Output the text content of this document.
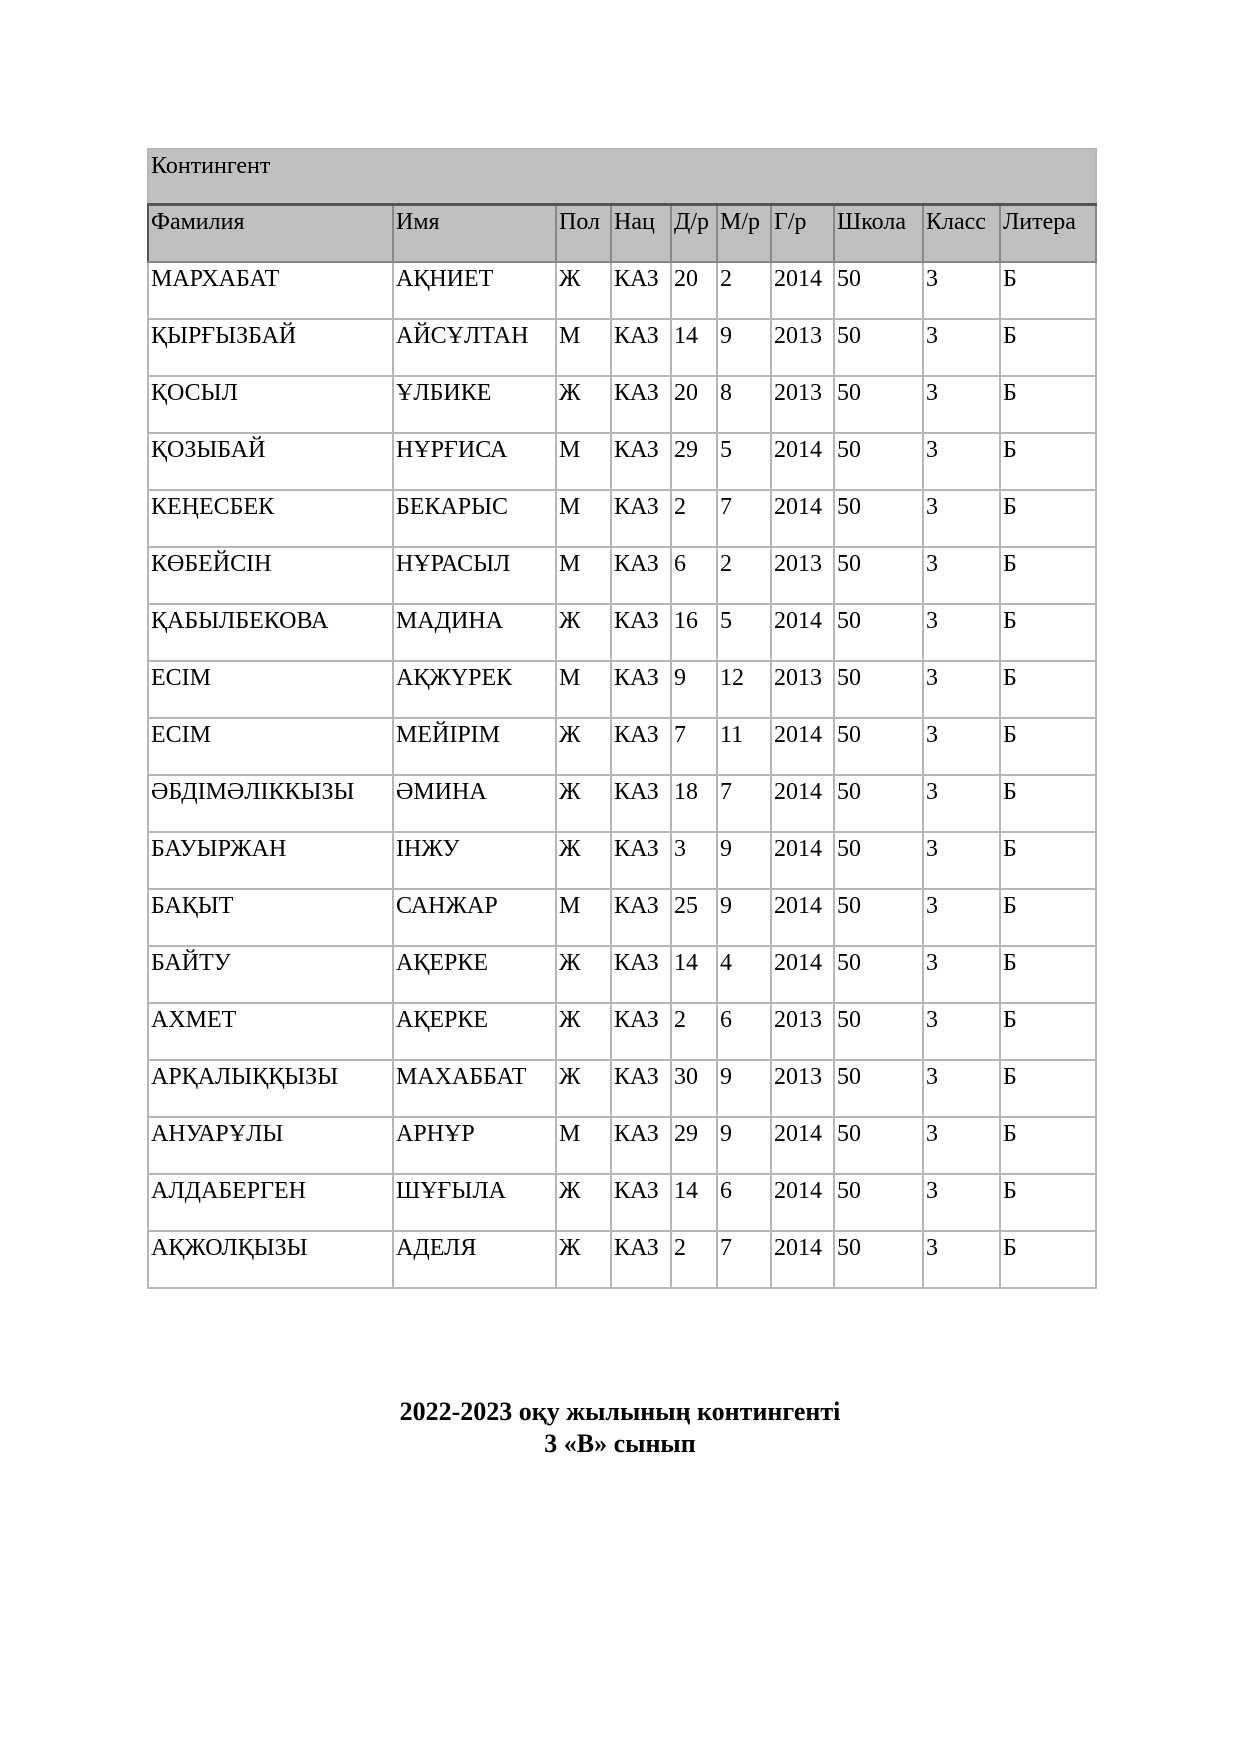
Контингент									
Фамилия	Имя	Пол	Нац	Д/р	М/р	Г/р	Школа	Класс	Литера
МАРХАБАТ	АҚНИЕТ	Ж	КАЗ	20	2	2014	50	3	Б
ҚЫРҒЫЗБАЙ	АЙСҰЛТАН	М	КАЗ	14	9	2013	50	3	Б
ҚОСЫЛ	ҰЛБИКЕ	Ж	КАЗ	20	8	2013	50	3	Б
ҚОЗЫБАЙ	НҰРҒИСА	М	КАЗ	29	5	2014	50	3	Б
КЕҢЕСБЕК	БЕКАРЫС	М	КАЗ	2	7	2014	50	3	Б
КӨБЕЙСІН	НҰРАСЫЛ	М	КАЗ	6	2	2013	50	3	Б
ҚАБЫЛБЕКОВА	МАДИНА	Ж	КАЗ	16	5	2014	50	3	Б
ЕСІМ	АҚЖҮРЕК	М	КАЗ	9	12	2013	50	3	Б
ЕСІМ	МЕЙІРІМ	Ж	КАЗ	7	11	2014	50	3	Б
ӘБДІМӘЛІККЫЗЫ	ӘМИНА	Ж	КАЗ	18	7	2014	50	3	Б
БАУЫРЖАН	ІНЖУ	Ж	КАЗ	3	9	2014	50	3	Б
БАҚЫТ	САНЖАР	М	КАЗ	25	9	2014	50	3	Б
БАЙТУ	АҚЕРКЕ	Ж	КАЗ	14	4	2014	50	3	Б
АХМЕТ	АҚЕРКЕ	Ж	КАЗ	2	6	2013	50	3	Б
АРҚАЛЫҚҚЫЗЫ	МАХАББАТ	Ж	КАЗ	30	9	2013	50	3	Б
АНУАРҰЛЫ	АРНҰР	М	КАЗ	29	9	2014	50	3	Б
АЛДАБЕРГЕН	ШҰҒЫЛА	Ж	КАЗ	14	6	2014	50	3	Б
АҚЖОЛҚЫЗЫ	АДЕЛЯ	Ж	КАЗ	2	7	2014	50	3	Б
2022-2023 оқу жылының контингенті
3 «В» сынып
